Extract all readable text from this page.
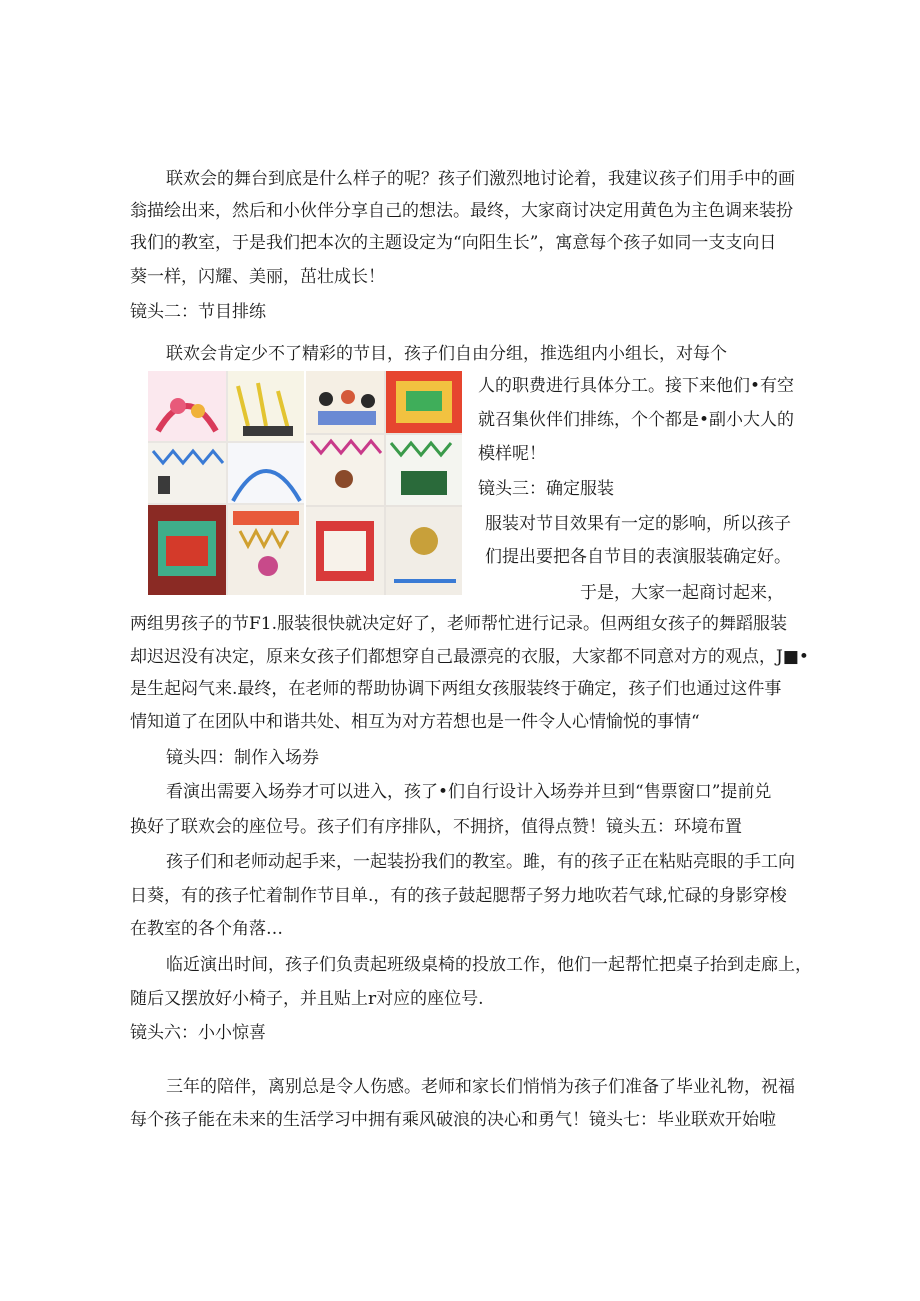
联欢会的舞台到底是什么样子的呢？孩子们激烈地讨论着，我建议孩子们用手中的画
翁描绘出来，然后和小伙伴分享自己的想法。最终，大家商讨决定用黄色为主色调来装扮
我们的教室，于是我们把本次的主题设定为“向阳生长”，寓意每个孩子如同一支支向日
葵一样，闪耀、美丽，茁壮成长！
镜头二：节目排练
联欢会肯定少不了精彩的节目，孩子们自由分组，推选组内小组长，对每个
人的职费进行具体分工。接下来他们•有空
就召集伙伴们排练，个个都是•副小大人的
模样呢！
镜头三：确定服装
服装对节目效果有一定的影响，所以孩子
们提出要把各自节目的表演服装确定好。
于是，大家一起商讨起来，
两组男孩子的节F1.服装很快就决定好了，老师帮忙进行记录。但两组女孩子的舞蹈服装
却迟迟没有决定，原来女孩子们都想穿自己最漂亮的衣服，大家都不同意对方的观点，J■•
是生起闷气来.最终，在老师的帮助协调下两组女孩服装终于确定，孩子们也通过这件事
情知道了在团队中和谐共处、相互为对方若想也是一件令人心情愉悦的事情“
镜头四：制作入场券
看演出需要入场券才可以进入，孩了•们自行设计入场券并旦到“售票窗口”提前兑
换好了联欢会的座位号。孩子们有序排队，不拥挤，值得点赞！镜头五：环境布置
孩子们和老师动起手来，一起装扮我们的教室。雎，有的孩子正在粘贴亮眼的手工向
日葵，有的孩子忙着制作节目单.，有的孩子鼓起腮帮子努力地吹若气球,忙碌的身影穿梭
在教室的各个角落…
临近演出时间，孩子们负责起班级桌椅的投放工作，他们一起帮忙把桌子抬到走廊上，
随后又摆放好小椅子，并且贴上r对应的座位号.
镜头六：小小惊喜
三年的陪伴，离别总是令人伤感。老师和家长们悄悄为孩子们准备了毕业礼物，祝福
每个孩子能在未来的生活学习中拥有乘风破浪的决心和勇气！镜头七：毕业联欢开始啦
